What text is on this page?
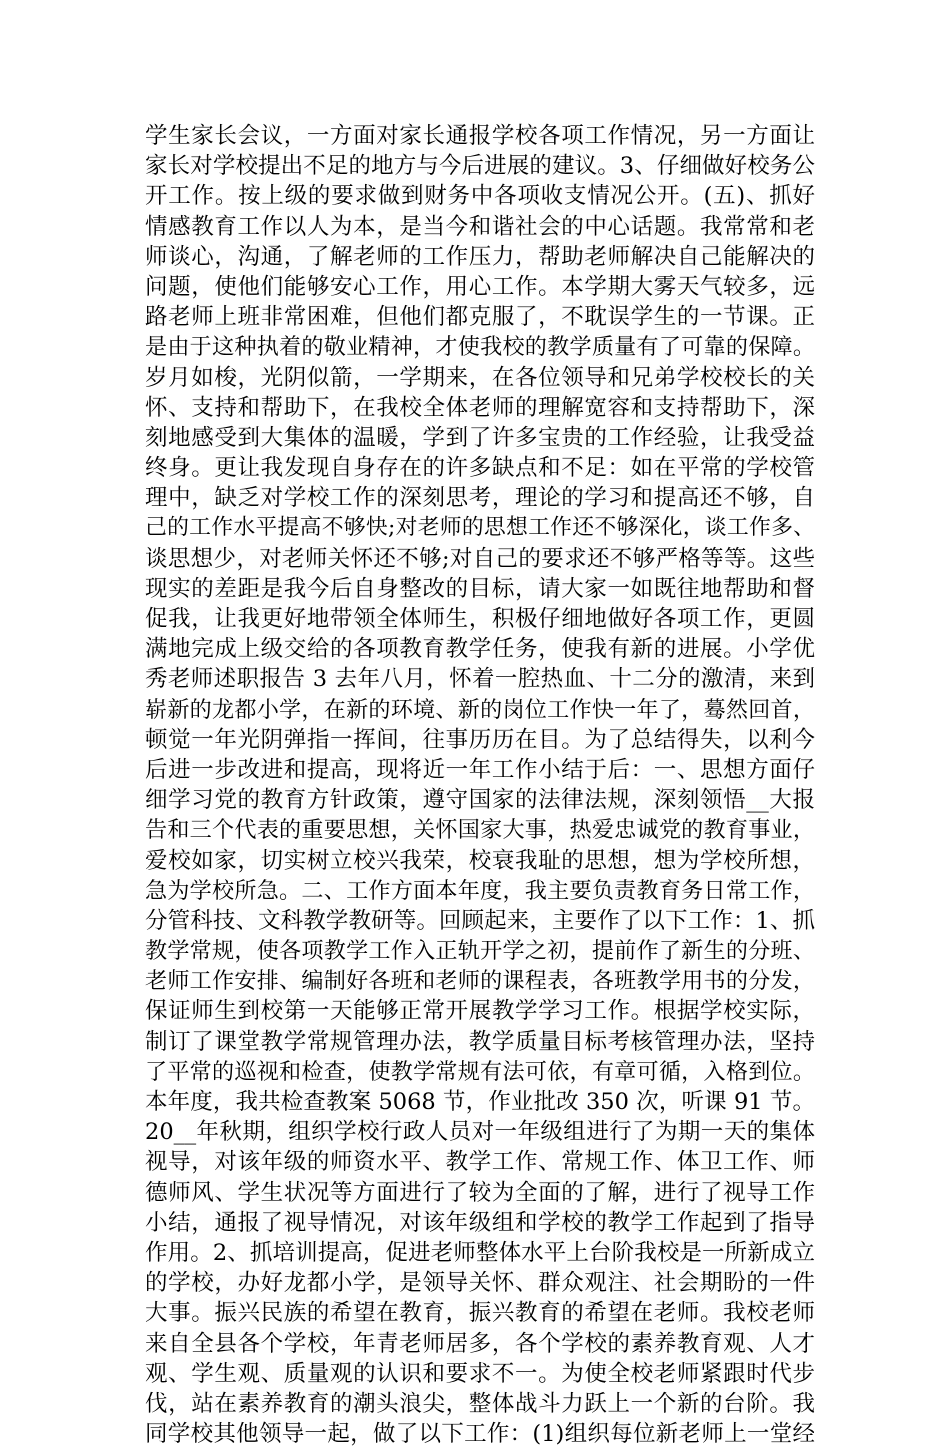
学生家长会议，一方面对家长通报学校各项工作情况，另一方面让
家长对学校提出不足的地方与今后进展的建议。3、仔细做好校务公
开工作。按上级的要求做到财务中各项收支情况公开。(五)、抓好
情感教育工作以人为本，是当今和谐社会的中心话题。我常常和老
师谈心，沟通，了解老师的工作压力，帮助老师解决自己能解决的
问题，使他们能够安心工作，用心工作。本学期大雾天气较多，远
路老师上班非常困难，但他们都克服了，不耽误学生的一节课。正
是由于这种执着的敬业精神，才使我校的教学质量有了可靠的保障。
岁月如梭，光阴似箭，一学期来，在各位领导和兄弟学校校长的关
怀、支持和帮助下，在我校全体老师的理解宽容和支持帮助下，深
刻地感受到大集体的温暖，学到了许多宝贵的工作经验，让我受益
终身。更让我发现自身存在的许多缺点和不足：如在平常的学校管
理中，缺乏对学校工作的深刻思考，理论的学习和提高还不够，自
己的工作水平提高不够快;对老师的思想工作还不够深化，谈工作多、
谈思想少，对老师关怀还不够;对自己的要求还不够严格等等。这些
现实的差距是我今后自身整改的目标，请大家一如既往地帮助和督
促我，让我更好地带领全体师生，积极仔细地做好各项工作，更圆
满地完成上级交给的各项教育教学任务，使我有新的进展。小学优
秀老师述职报告 3 去年八月，怀着一腔热血、十二分的激清，来到
崭新的龙都小学，在新的环境、新的岗位工作快一年了，蓦然回首，
顿觉一年光阴弹指一挥间，往事历历在目。为了总结得失，以利今
后进一步改进和提高，现将近一年工作小结于后：一、思想方面仔
细学习党的教育方针政策，遵守国家的法律法规，深刻领悟__大报
告和三个代表的重要思想，关怀国家大事，热爱忠诚党的教育事业，
爱校如家，切实树立校兴我荣，校衰我耻的思想，想为学校所想，
急为学校所急。二、工作方面本年度，我主要负责教育务日常工作，
分管科技、文科教学教研等。回顾起来，主要作了以下工作：1、抓
教学常规，使各项教学工作入正轨开学之初，提前作了新生的分班、
老师工作安排、编制好各班和老师的课程表，各班教学用书的分发，
保证师生到校第一天能够正常开展教学学习工作。根据学校实际，
制订了课堂教学常规管理办法，教学质量目标考核管理办法，坚持
了平常的巡视和检查，使教学常规有法可依，有章可循，入格到位。
本年度，我共检查教案 5068 节，作业批改 350 次，听课 91 节。
20__年秋期，组织学校行政人员对一年级组进行了为期一天的集体
视导，对该年级的师资水平、教学工作、常规工作、体卫工作、师
德师风、学生状况等方面进行了较为全面的了解，进行了视导工作
小结，通报了视导情况，对该年级组和学校的教学工作起到了指导
作用。2、抓培训提高，促进老师整体水平上台阶我校是一所新成立
的学校，办好龙都小学，是领导关怀、群众观注、社会期盼的一件
大事。振兴民族的希望在教育，振兴教育的希望在老师。我校老师
来自全县各个学校，年青老师居多，各个学校的素养教育观、人才
观、学生观、质量观的认识和要求不一。为使全校老师紧跟时代步
伐，站在素养教育的潮头浪尖，整体战斗力跃上一个新的台阶。我
同学校其他领导一起，做了以下工作：(1)组织每位新老师上一堂经
